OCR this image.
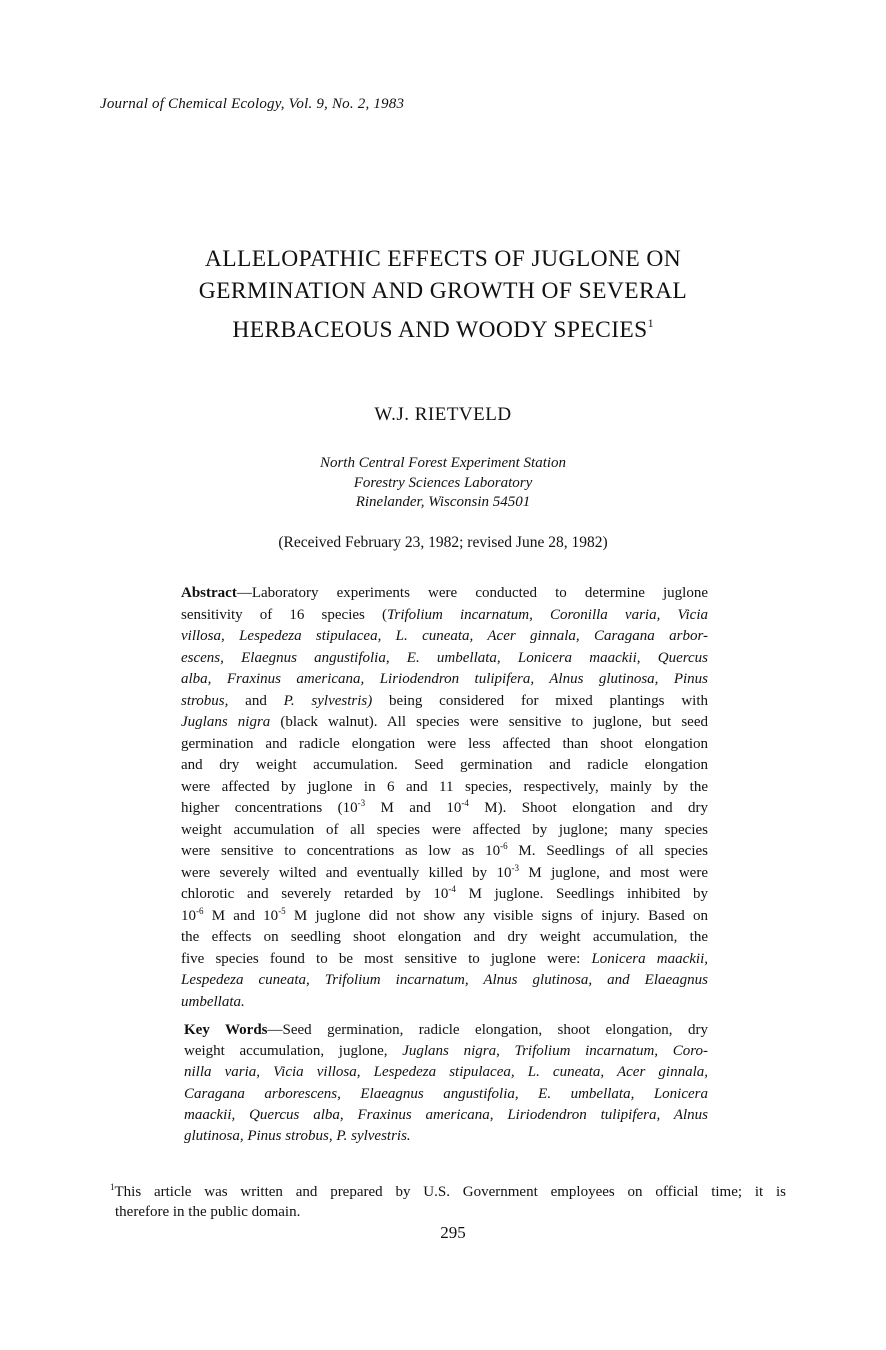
Journal of Chemical Ecology, Vol. 9, No. 2, 1983
ALLELOPATHIC EFFECTS OF JUGLONE ON
GERMINATION AND GROWTH OF SEVERAL
HERBACEOUS AND WOODY SPECIES$^1$
W.J. RIETVELD
North Central Forest Experiment Station
Forestry Sciences Laboratory
Rinelander, Wisconsin 54501
(Received February 23, 1982; revised June 28, 1982)
Abstract—Laboratory experiments were conducted to determine juglone
sensitivity of 16 species (Trifolium incarnatum, Coronilla varia, Vicia
villosa, Lespedeza stipulacea, L. cuneata, Acer ginnala, Caragana arbor-
escens, Elaegnus angustifolia, E. umbellata, Lonicera maackii, Quercus
alba, Fraxinus americana, Liriodendron tulipifera, Alnus glutinosa, Pinus
strobus, and P. sylvestris) being considered for mixed plantings with
Juglans nigra (black walnut). All species were sensitive to juglone, but seed
germination and radicle elongation were less affected than shoot elongation
and dry weight accumulation. Seed germination and radicle elongation
were affected by juglone in 6 and 11 species, respectively, mainly by the
higher concentrations ($10^{-3}$ M and $10^{-4}$ M). Shoot elongation and dry
weight accumulation of all species were affected by juglone; many species
were sensitive to concentrations as low as $10^{-6}$ M. Seedlings of all species
were severely wilted and eventually killed by $10^{-3}$ M juglone, and most were
chlorotic and severely retarded by $10^{-4}$ M juglone. Seedlings inhibited by
$10^{-6}$ M and $10^{-5}$ M juglone did not show any visible signs of injury. Based on
the effects on seedling shoot elongation and dry weight accumulation, the
five species found to be most sensitive to juglone were: Lonicera maackii,
Lespedeza cuneata, Trifolium incarnatum, Alnus glutinosa, and Elaeagnus
umbellata.
Key Words—Seed germination, radicle elongation, shoot elongation, dry
weight accumulation, juglone, Juglans nigra, Trifolium incarnatum, Coro-
nilla varia, Vicia villosa, Lespedeza stipulacea, L. cuneata, Acer ginnala,
Caragana arborescens, Elaeagnus angustifolia, E. umbellata, Lonicera
maackii, Quercus alba, Fraxinus americana, Liriodendron tulipifera, Alnus
glutinosa, Pinus strobus, P. sylvestris.
$^1$This article was written and prepared by U.S. Government employees on official time; it is
therefore in the public domain.
295
